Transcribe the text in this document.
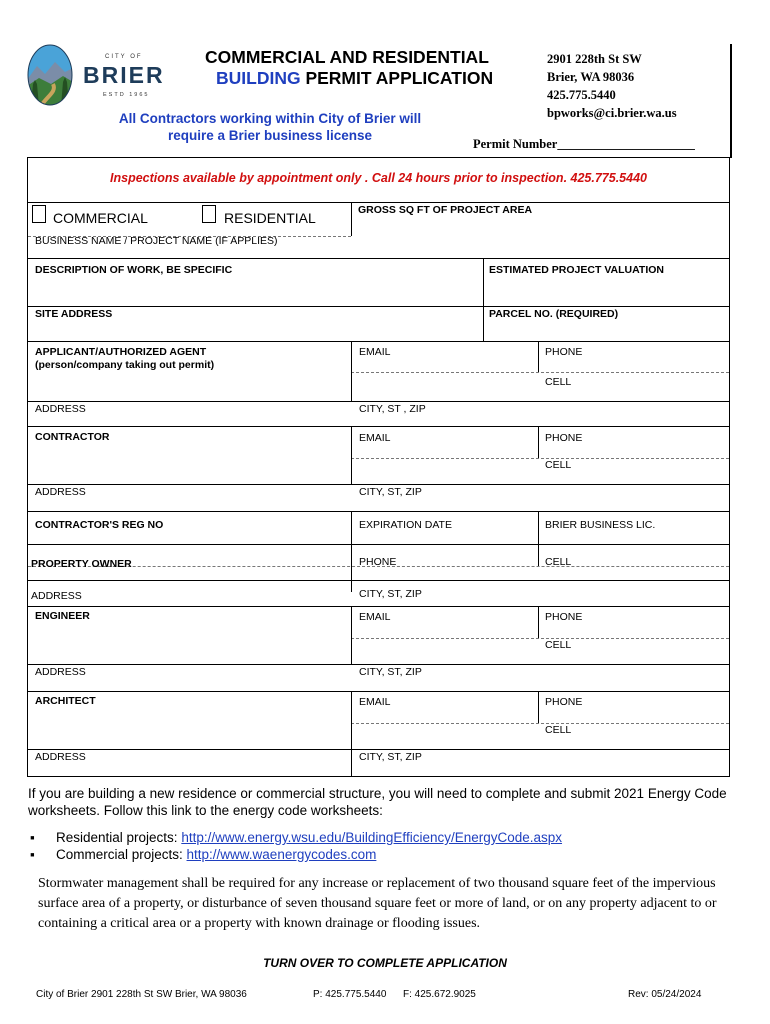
CITY OF
BRIER
ESTD 1965
COMMERCIAL AND RESIDENTIAL
BUILDING PERMIT APPLICATION
2901 228th St SW
Brier, WA 98036
425.775.5440
bpworks@ci.brier.wa.us
All Contractors working within City of Brier will
require a Brier business license
Permit Number______________________
Inspections available by appointment only . Call 24 hours prior to inspection. 425.775.5440
COMMERCIAL	RESIDENTIAL	GROSS SQ FT OF PROJECT AREA
BUSINESS NAME / PROJECT NAME (IF APPLIES)
DESCRIPTION OF WORK, BE SPECIFIC	ESTIMATED PROJECT VALUATION
SITE ADDRESS	PARCEL NO. (REQUIRED)
APPLICANT/AUTHORIZED AGENT
(person/company taking out permit)
EMAIL	PHONE
CELL
ADDRESS	CITY, ST , ZIP
CONTRACTOR	EMAIL	PHONE
CELL
ADDRESS	CITY, ST, ZIP
CONTRACTOR'S REG NO	EXPIRATION DATE	BRIER BUSINESS LIC.
PROPERTY OWNER	PHONE	CELL
ADDRESS	CITY, ST, ZIP
ENGINEER	EMAIL	PHONE
CELL
ADDRESS	CITY, ST, ZIP
ARCHITECT	EMAIL	PHONE
CELL
ADDRESS	CITY, ST, ZIP
If you are building a new residence or commercial structure, you will need to complete and submit 2021 Energy Code worksheets. Follow this link to the energy code worksheets:
▪ Residential projects: http://www.energy.wsu.edu/BuildingEfficiency/EnergyCode.aspx
▪ Commercial projects: http://www.waenergycodes.com
Stormwater management shall be required for any increase or replacement of two thousand square feet of the impervious surface area of a property, or disturbance of seven thousand square feet or more of land, or on any property adjacent to or containing a critical area or a property with known drainage or flooding issues.
TURN OVER TO COMPLETE APPLICATION
City of Brier 2901 228th St SW Brier, WA 98036	P: 425.775.5440 F: 425.672.9025	Rev: 05/24/2024
